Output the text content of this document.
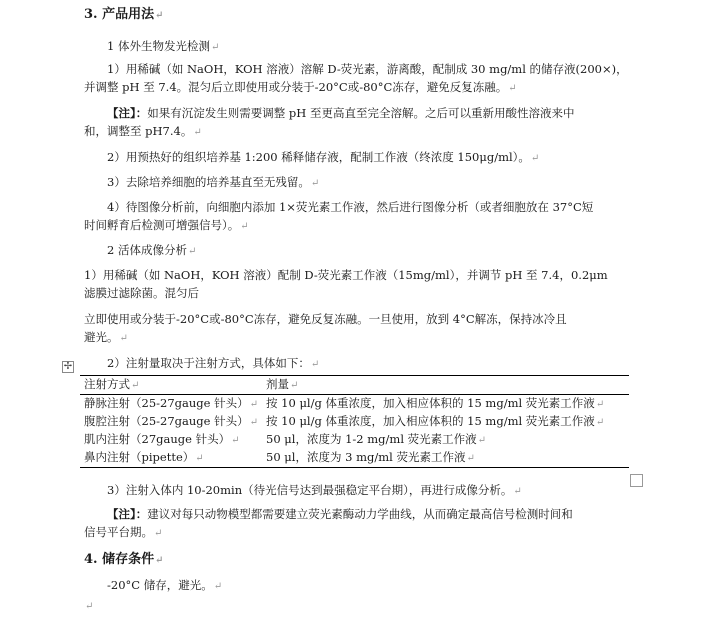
3. 产品用法↵
1 体外生物发光检测↵
1）用稀碱（如 NaOH，KOH 溶液）溶解 D-荧光素，游离酸，配制成 30 mg/ml 的储存液(200×)，
并调整 pH 至 7.4。混匀后立即使用或分装于-20°C或-80°C冻存，避免反复冻融。↵
【注】：如果有沉淀发生则需要调整 pH 至更高直至完全溶解。之后可以重新用酸性溶液来中
和，调整至 pH7.4。↵
2）用预热好的组织培养基 1:200 稀释储存液，配制工作液（终浓度 150μg/ml）。↵
3）去除培养细胞的培养基直至无残留。↵
4）待图像分析前，向细胞内添加 1×荧光素工作液，然后进行图像分析（或者细胞放在 37°C短
时间孵育后检测可增强信号）。↵
2 活体成像分析↵
1）用稀碱（如 NaOH，KOH 溶液）配制 D-荧光素工作液（15mg/ml），并调节 pH 至 7.4，0.2μm
滤膜过滤除菌。混匀后
立即使用或分装于-20°C或-80°C冻存，避免反复冻融。一旦使用，放到 4°C解冻，保持冰冷且
避光。↵
✢	2）注射量取决于注射方式，具体如下：↵
注射方式↵	剂量↵
静脉注射（25-27gauge 针头）↵	按 10 μl/g 体重浓度，加入相应体积的 15 mg/ml 荧光素工作液↵
腹腔注射（25-27gauge 针头）↵	按 10 μl/g 体重浓度，加入相应体积的 15 mg/ml 荧光素工作液↵
肌内注射（27gauge 针头）↵	50 μl，浓度为 1-2 mg/ml 荧光素工作液↵
鼻内注射（pipette）↵	50 μl，浓度为 3 mg/ml 荧光素工作液↵
3）注射入体内 10-20min（待光信号达到最强稳定平台期），再进行成像分析。↵
【注】：建议对每只动物模型都需要建立荧光素酶动力学曲线，从而确定最高信号检测时间和
信号平台期。↵
4. 储存条件↵
-20°C 储存，避光。↵
↵
